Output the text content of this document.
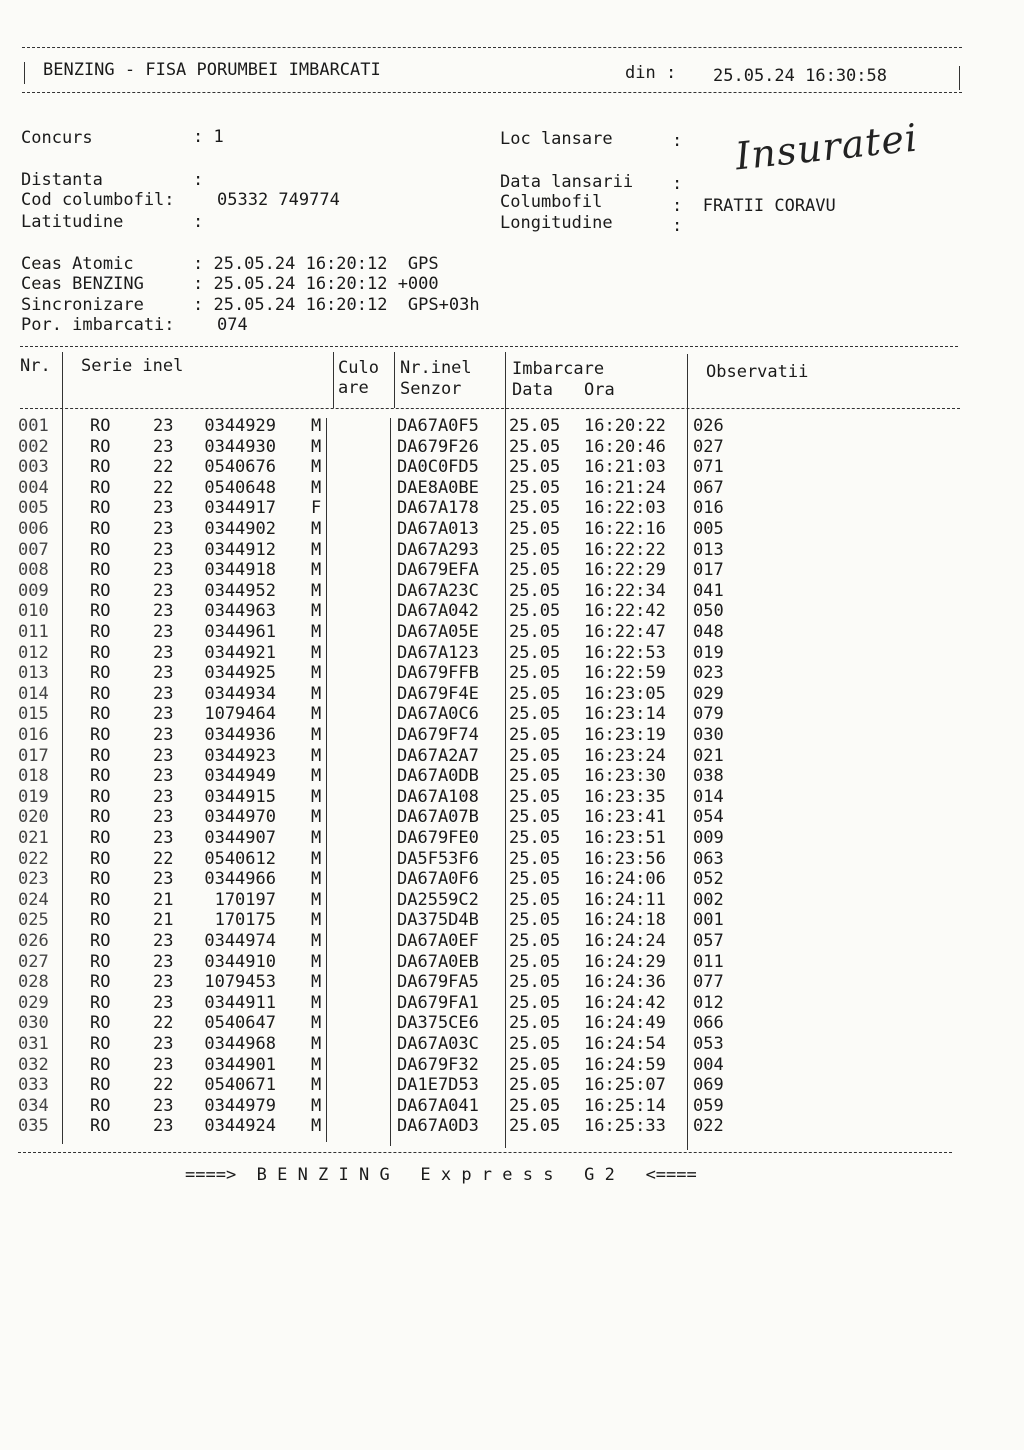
BENZING - FISA PORUMBEI IMBARCATI	din : 25.05.24 16:30:58
Concurs	: 1	Loc lansare	: Insuratei
Distanta	:
Cod columbofil: 05332 749774
Latitudine	:
Data lansarii :
Columbofil	:  FRATII CORAVU
Longitudine	:
Ceas Atomic	: 25.05.24 16:20:12  GPS
Ceas BENZING	: 25.05.24 16:20:12 +000
Sincronizare	: 25.05.24 16:20:12  GPS+03h
Por. imbarcati: 074
Nr. Serie inel	Culo
are
Nr.inel
Senzor
Imbarcare
Data Ora
Observatii
001 RO	23	0344929 M	DA67A0F5 25.05 16:20:22 026
002 RO	23	0344930 M	DA679F26 25.05 16:20:46 027
003 RO	22	0540676 M	DA0C0FD5 25.05 16:21:03 071
004 RO	22	0540648 M	DAE8A0BE 25.05 16:21:24 067
005 RO	23	0344917 F	DA67A178 25.05 16:22:03 016
006 RO	23	0344902 M	DA67A013 25.05 16:22:16 005
007 RO	23	0344912 M	DA67A293 25.05 16:22:22 013
008 RO	23	0344918 M	DA679EFA 25.05 16:22:29 017
009 RO	23	0344952 M	DA67A23C 25.05 16:22:34 041
010 RO	23	0344963 M	DA67A042 25.05 16:22:42 050
011 RO	23	0344961 M	DA67A05E 25.05 16:22:47 048
012 RO	23	0344921 M	DA67A123 25.05 16:22:53 019
013 RO	23	0344925 M	DA679FFB 25.05 16:22:59 023
014 RO	23	0344934 M	DA679F4E 25.05 16:23:05 029
015 RO	23	1079464 M	DA67A0C6 25.05 16:23:14 079
016 RO	23	0344936 M	DA679F74 25.05 16:23:19 030
017 RO	23	0344923 M	DA67A2A7 25.05 16:23:24 021
018 RO	23	0344949 M	DA67A0DB 25.05 16:23:30 038
019 RO	23	0344915 M	DA67A108 25.05 16:23:35 014
020 RO	23	0344970 M	DA67A07B 25.05 16:23:41 054
021 RO	23	0344907 M	DA679FE0 25.05 16:23:51 009
022 RO	22	0540612 M	DA5F53F6 25.05 16:23:56 063
023 RO	23	0344966 M	DA67A0F6 25.05 16:24:06 052
024 RO	21	170197 M	DA2559C2 25.05 16:24:11 002
025 RO	21	170175 M	DA375D4B 25.05 16:24:18 001
026 RO	23	0344974 M	DA67A0EF 25.05 16:24:24 057
027 RO	23	0344910 M	DA67A0EB 25.05 16:24:29 011
028 RO	23	1079453 M	DA679FA5 25.05 16:24:36 077
029 RO	23	0344911 M	DA679FA1 25.05 16:24:42 012
030 RO	22	0540647 M	DA375CE6 25.05 16:24:49 066
031 RO	23	0344968 M	DA67A03C 25.05 16:24:54 053
032 RO	23	0344901 M	DA679F32 25.05 16:24:59 004
033 RO	22	0540671 M	DA1E7D53 25.05 16:25:07 069
034 RO	23	0344979 M	DA67A041 25.05 16:25:14 059
035 RO	23	0344924 M	DA67A0D3 25.05 16:25:33 022
====>  B E N Z I N G   E x p r e s s   G 2   <====
